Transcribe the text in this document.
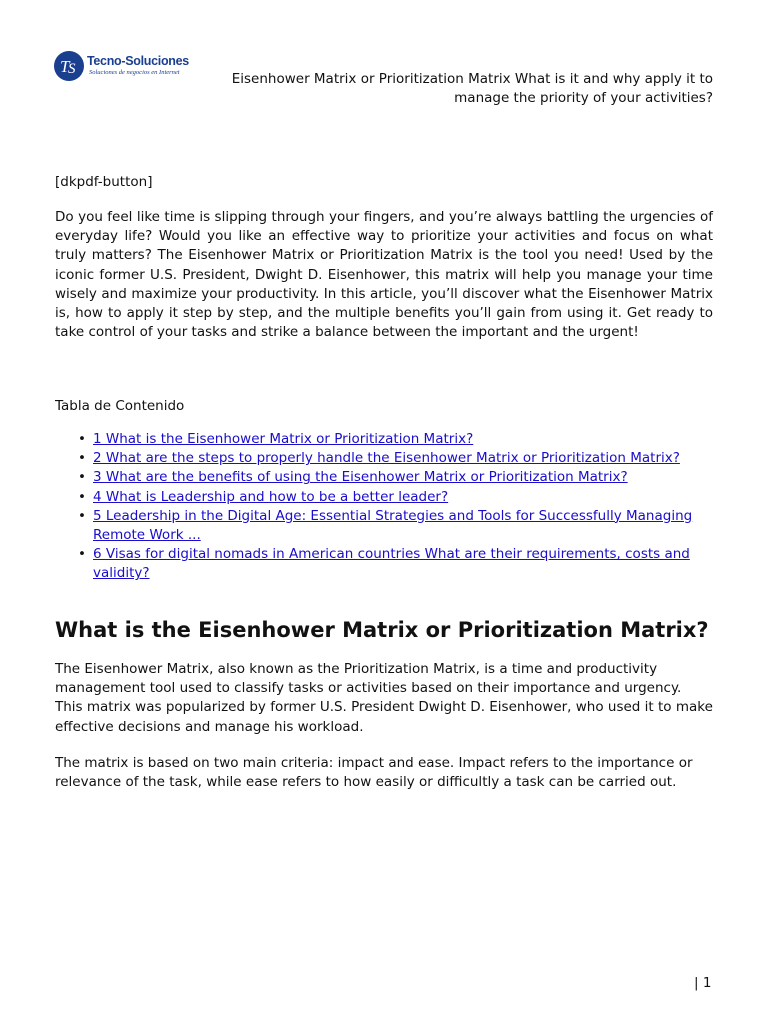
T
S Tecno-Soluciones
Soluciones de negocios en Internet	Eisenhower Matrix or Prioritization Matrix What is it and why apply it to manage the priority of your activities?
[dkpdf-button]

Do you feel like time is slipping through your fingers, and you’re always battling the urgencies of everyday life? Would you like an effective way to prioritize your activities and focus on what truly matters? The Eisenhower Matrix or Prioritization Matrix is the tool you need! Used by the iconic former U.S. President, Dwight D. Eisenhower, this matrix will help you manage your time wisely and maximize your productivity. In this article, you’ll discover what the Eisenhower Matrix is, how to apply it step by step, and the multiple benefits you’ll gain from using it. Get ready to take control of your tasks and strike a balance between the important and the urgent!

Tabla de Contenido
• 1 What is the Eisenhower Matrix or Prioritization Matrix?
• 2 What are the steps to properly handle the Eisenhower Matrix or Prioritization Matrix?
• 3 What are the benefits of using the Eisenhower Matrix or Prioritization Matrix?
• 4 What is Leadership and how to be a better leader?
• 5 Leadership in the Digital Age: Essential Strategies and Tools for Successfully Managing Remote Work ...
• 6 Visas for digital nomads in American countries What are their requirements, costs and validity?
What is the Eisenhower Matrix or Prioritization Matrix?

The Eisenhower Matrix, also known as the Prioritization Matrix, is a time and productivity management tool used to classify tasks or activities based on their importance and urgency. This matrix was popularized by former U.S. President Dwight D. Eisenhower, who used it to make effective decisions and manage his workload.

The matrix is based on two main criteria: impact and ease. Impact refers to the importance or relevance of the task, while ease refers to how easily or difficultly a task can be carried out.

| 1
